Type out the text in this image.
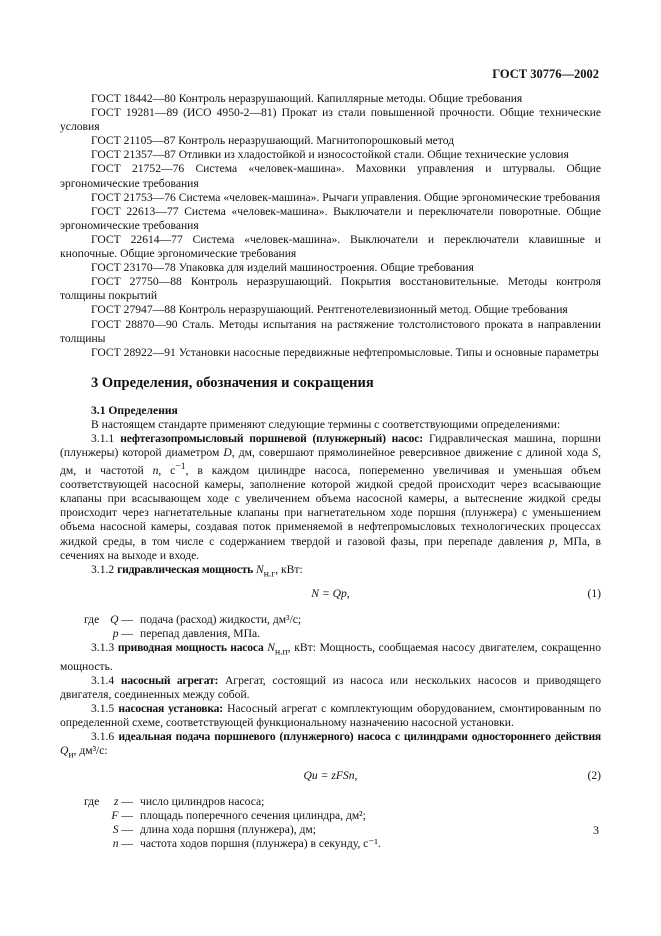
ГОСТ 30776—2002

ГОСТ 18442—80 Контроль неразрушающий. Капиллярные методы. Общие требования

ГОСТ 19281—89 (ИСО 4950-2—81) Прокат из стали повышенной прочности. Общие технические условия

ГОСТ 21105—87 Контроль неразрушающий. Магнитопорошковый метод

ГОСТ 21357—87 Отливки из хладостойкой и износостойкой стали. Общие технические условия

ГОСТ 21752—76 Система «человек-машина». Маховики управления и штурвалы. Общие эргономические требования

ГОСТ 21753—76 Система «человек-машина». Рычаги управления. Общие эргономические требования

ГОСТ 22613—77 Система «человек-машина». Выключатели и переключатели поворотные. Общие эргономические требования

ГОСТ 22614—77 Система «человек-машина». Выключатели и переключатели клавишные и кнопочные. Общие эргономические требования

ГОСТ 23170—78 Упаковка для изделий машиностроения. Общие требования

ГОСТ 27750—88 Контроль неразрушающий. Покрытия восстановительные. Методы контроля толщины покрытий

ГОСТ 27947—88 Контроль неразрушающий. Рентгенотелевизионный метод. Общие требования

ГОСТ 28870—90 Сталь. Методы испытания на растяжение толстолистового проката в направлении толщины

ГОСТ 28922—91 Установки насосные передвижные нефтепромысловые. Типы и основные параметры

3 Определения, обозначения и сокращения
3.1 Определения

В настоящем стандарте применяют следующие термины с соответствующими определениями:

3.1.1 нефтегазопромысловый поршневой (плунжерный) насос: Гидравлическая машина, поршни (плунжеры) которой диаметром D, дм, совершают прямолинейное реверсивное движение с длиной хода S, дм, и частотой n, $с^{-1}$, в каждом цилиндре насоса, попеременно увеличивая и уменьшая объем соответствующей насосной камеры, заполнение которой жидкой средой происходит через всасывающие клапаны при всасывающем ходе с увеличением объема насосной камеры, а вытеснение жидкой среды происходит через нагнетательные клапаны при нагнетательном ходе поршня (плунжера) с уменьшением объема насосной камеры, создавая поток применяемой в нефтепромысловых технологических процессах жидкой среды, в том числе с содержанием твердой и газовой фазы, при перепаде давления p, МПа, в сечениях на выходе и входе.

3.1.2 гидравлическая мощность $N_{н.г}$, кВт:

N = Qp,	(1)
где Q — подача (расход) жидкости, дм³/с;
p — перепад давления, МПа.

3.1.3 приводная мощность насоса $N_{н.п}$, кВт: Мощность, сообщаемая насосу двигателем, сокращенно мощность.

3.1.4 насосный агрегат: Агрегат, состоящий из насоса или нескольких насосов и приводящего двигателя, соединенных между собой.

3.1.5 насосная установка: Насосный агрегат с комплектующим оборудованием, смонтированным по определенной схеме, соответствующей функциональному назначению насосной установки.

3.1.6 идеальная подача поршневого (плунжерного) насоса с цилиндрами одностороннего действия $Q_и$, дм³/с:

Qи = zFSn,	(2)
где	z — число цилиндров насоса;
F — площадь поперечного сечения цилиндра, дм²;
S — длина хода поршня (плунжера), дм;
n — частота ходов поршня (плунжера) в секунду, с⁻¹.
3
